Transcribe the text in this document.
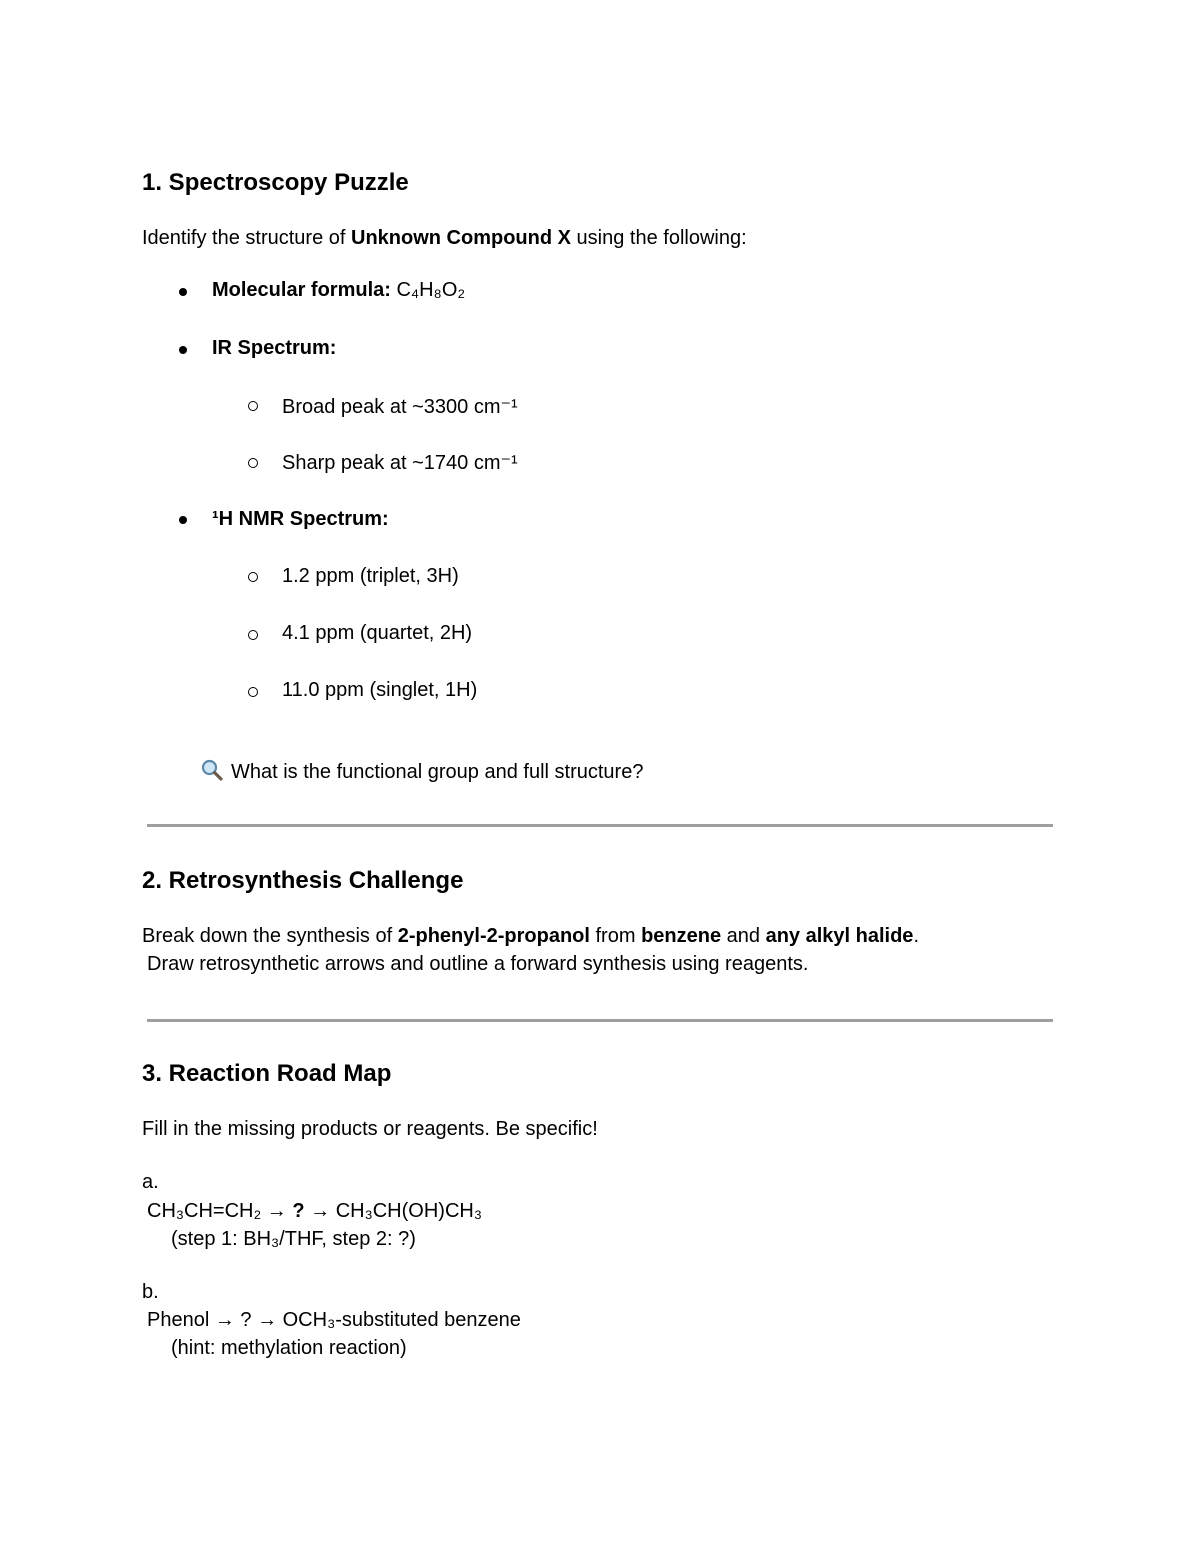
1. Spectroscopy Puzzle
Identify the structure of Unknown Compound X using the following:
Molecular formula: C₄H₈O₂
IR Spectrum:
Broad peak at ~3300 cm⁻¹
Sharp peak at ~1740 cm⁻¹
¹H NMR Spectrum:
1.2 ppm (triplet, 3H)
4.1 ppm (quartet, 2H)
11.0 ppm (singlet, 1H)
What is the functional group and full structure?
2. Retrosynthesis Challenge
Break down the synthesis of 2-phenyl-2-propanol from benzene and any alkyl halide.
Draw retrosynthetic arrows and outline a forward synthesis using reagents.
3. Reaction Road Map
Fill in the missing products or reagents. Be specific!
a.
CH₃CH=CH₂ → ? → CH₃CH(OH)CH₃
(step 1: BH₃/THF, step 2: ?)
b.
Phenol → ? → OCH₃-substituted benzene
(hint: methylation reaction)
